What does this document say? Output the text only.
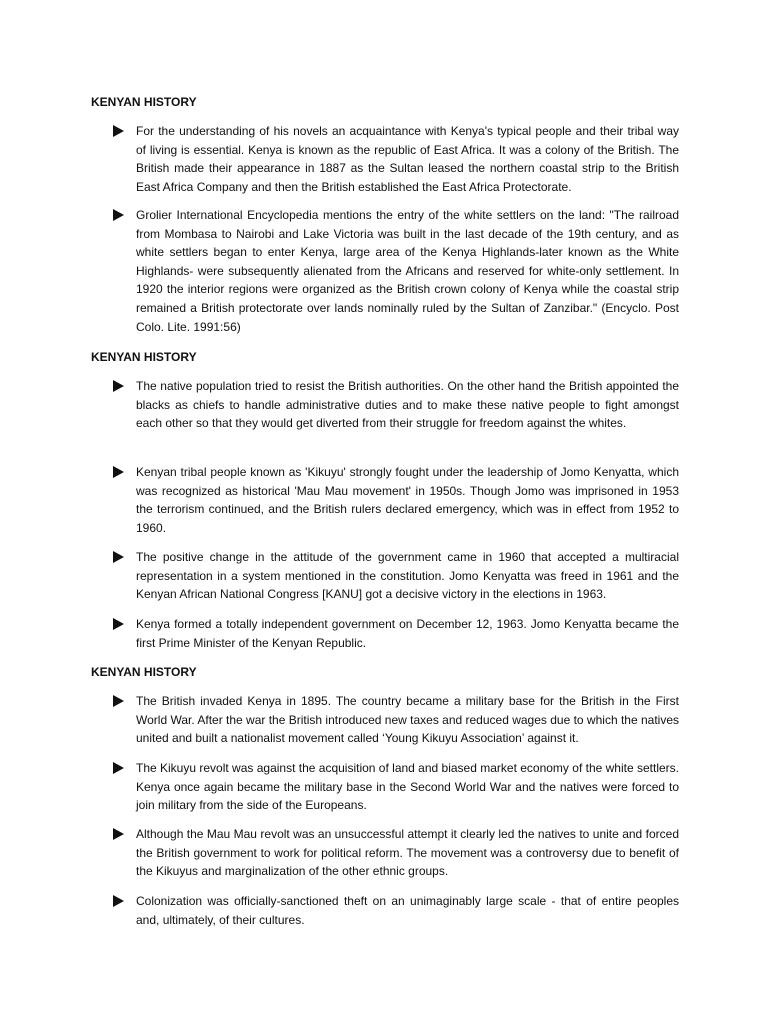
KENYAN HISTORY

For the understanding of his novels an acquaintance with Kenya's typical people and their tribal way of living is essential. Kenya is known as the republic of East Africa. It was a colony of the British. The British made their appearance in 1887 as the Sultan leased the northern coastal strip to the British East Africa Company and then the British established the East Africa Protectorate.

Grolier International Encyclopedia mentions the entry of the white settlers on the land: "The railroad from Mombasa to Nairobi and Lake Victoria was built in the last decade of the 19th century, and as white settlers began to enter Kenya, large area of the Kenya Highlands-later known as the White Highlands- were subsequently alienated from the Africans and reserved for white-only settlement. In 1920 the interior regions were organized as the British crown colony of Kenya while the coastal strip remained a British protectorate over lands nominally ruled by the Sultan of Zanzibar." (Encyclo. Post Colo. Lite. 1991:56)

KENYAN HISTORY

The native population tried to resist the British authorities. On the other hand the British appointed the blacks as chiefs to handle administrative duties and to make these native people to fight amongst each other so that they would get diverted from their struggle for freedom against the whites.

Kenyan tribal people known as 'Kikuyu' strongly fought under the leadership of Jomo Kenyatta, which was recognized as historical 'Mau Mau movement' in 1950s. Though Jomo was imprisoned in 1953 the terrorism continued, and the British rulers declared emergency, which was in effect from 1952 to 1960.

The positive change in the attitude of the government came in 1960 that accepted a multiracial representation in a system mentioned in the constitution. Jomo Kenyatta was freed in 1961 and the Kenyan African National Congress [KANU] got a decisive victory in the elections in 1963.

Kenya formed a totally independent government on December 12, 1963. Jomo Kenyatta became the first Prime Minister of the Kenyan Republic.

KENYAN HISTORY

The British invaded Kenya in 1895. The country became a military base for the British in the First World War. After the war the British introduced new taxes and reduced wages due to which the natives united and built a nationalist movement called ‘Young Kikuyu Association’ against it.

The Kikuyu revolt was against the acquisition of land and biased market economy of the white settlers. Kenya once again became the military base in the Second World War and the natives were forced to join military from the side of the Europeans.

Although the Mau Mau revolt was an unsuccessful attempt it clearly led the natives to unite and forced the British government to work for political reform. The movement was a controversy due to benefit of the Kikuyus and marginalization of the other ethnic groups.

Colonization was officially-sanctioned theft on an unimaginably large scale - that of entire peoples and, ultimately, of their cultures.
